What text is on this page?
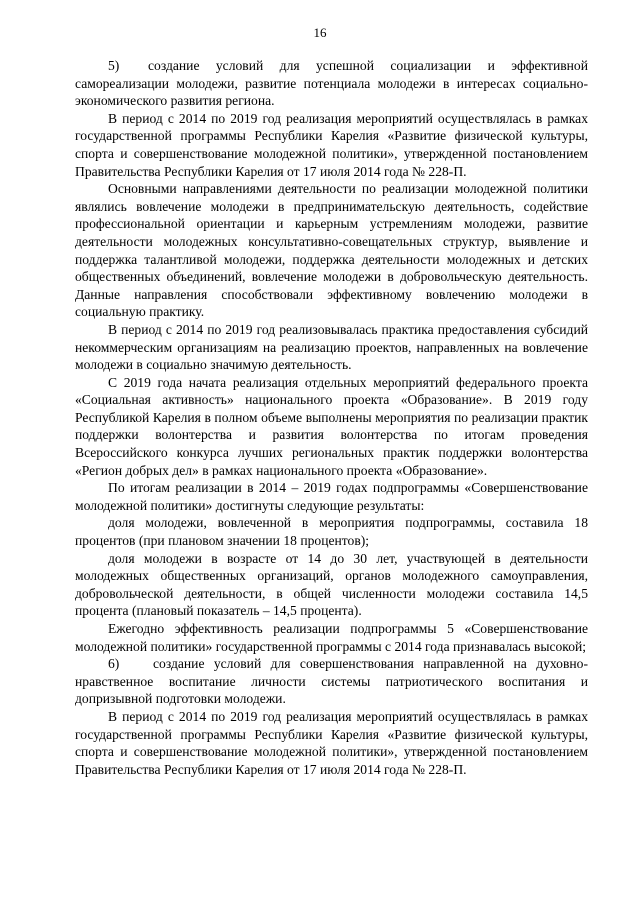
16

5) создание условий для успешной социализации и эффективной самореализации молодежи, развитие потенциала молодежи в интересах социально-экономического развития региона.

В период с 2014 по 2019 год реализация мероприятий осуществлялась в рамках государственной программы Республики Карелия «Развитие физической культуры, спорта и совершенствование молодежной политики», утвержденной постановлением Правительства Республики Карелия от 17 июля 2014 года № 228-П.

Основными направлениями деятельности по реализации молодежной политики являлись вовлечение молодежи в предпринимательскую деятельность, содействие профессиональной ориентации и карьерным устремлениям молодежи, развитие деятельности молодежных консультативно-совещательных структур, выявление и поддержка талантливой молодежи, поддержка деятельности молодежных и детских общественных объединений, вовлечение молодежи в добровольческую деятельность. Данные направления способствовали эффективному вовлечению молодежи в социальную практику.

В период с 2014 по 2019 год реализовывалась практика предоставления субсидий некоммерческим организациям на реализацию проектов, направленных на вовлечение молодежи в социально значимую деятельность.

С 2019 года начата реализация отдельных мероприятий федерального проекта «Социальная активность» национального проекта «Образование». В 2019 году Республикой Карелия в полном объеме выполнены мероприятия по реализации практик поддержки волонтерства и развития волонтерства по итогам проведения Всероссийского конкурса лучших региональных практик поддержки волонтерства «Регион добрых дел» в рамках национального проекта «Образование».

По итогам реализации в 2014 – 2019 годах подпрограммы «Совершенствование молодежной политики» достигнуты следующие результаты:

доля молодежи, вовлеченной в мероприятия подпрограммы, составила 18 процентов (при плановом значении 18 процентов);

доля молодежи в возрасте от 14 до 30 лет, участвующей в деятельности молодежных общественных организаций, органов молодежного самоуправления, добровольческой деятельности, в общей численности молодежи составила 14,5 процента (плановый показатель – 14,5 процента).

Ежегодно эффективность реализации подпрограммы 5 «Совершенствование молодежной политики» государственной программы с 2014 года признавалась высокой;

6) создание условий для совершенствования направленной на духовно-нравственное воспитание личности системы патриотического воспитания и допризывной подготовки молодежи.

В период с 2014 по 2019 год реализация мероприятий осуществлялась в рамках государственной программы Республики Карелия «Развитие физической культуры, спорта и совершенствование молодежной политики», утвержденной постановлением Правительства Республики Карелия от 17 июля 2014 года № 228-П.
